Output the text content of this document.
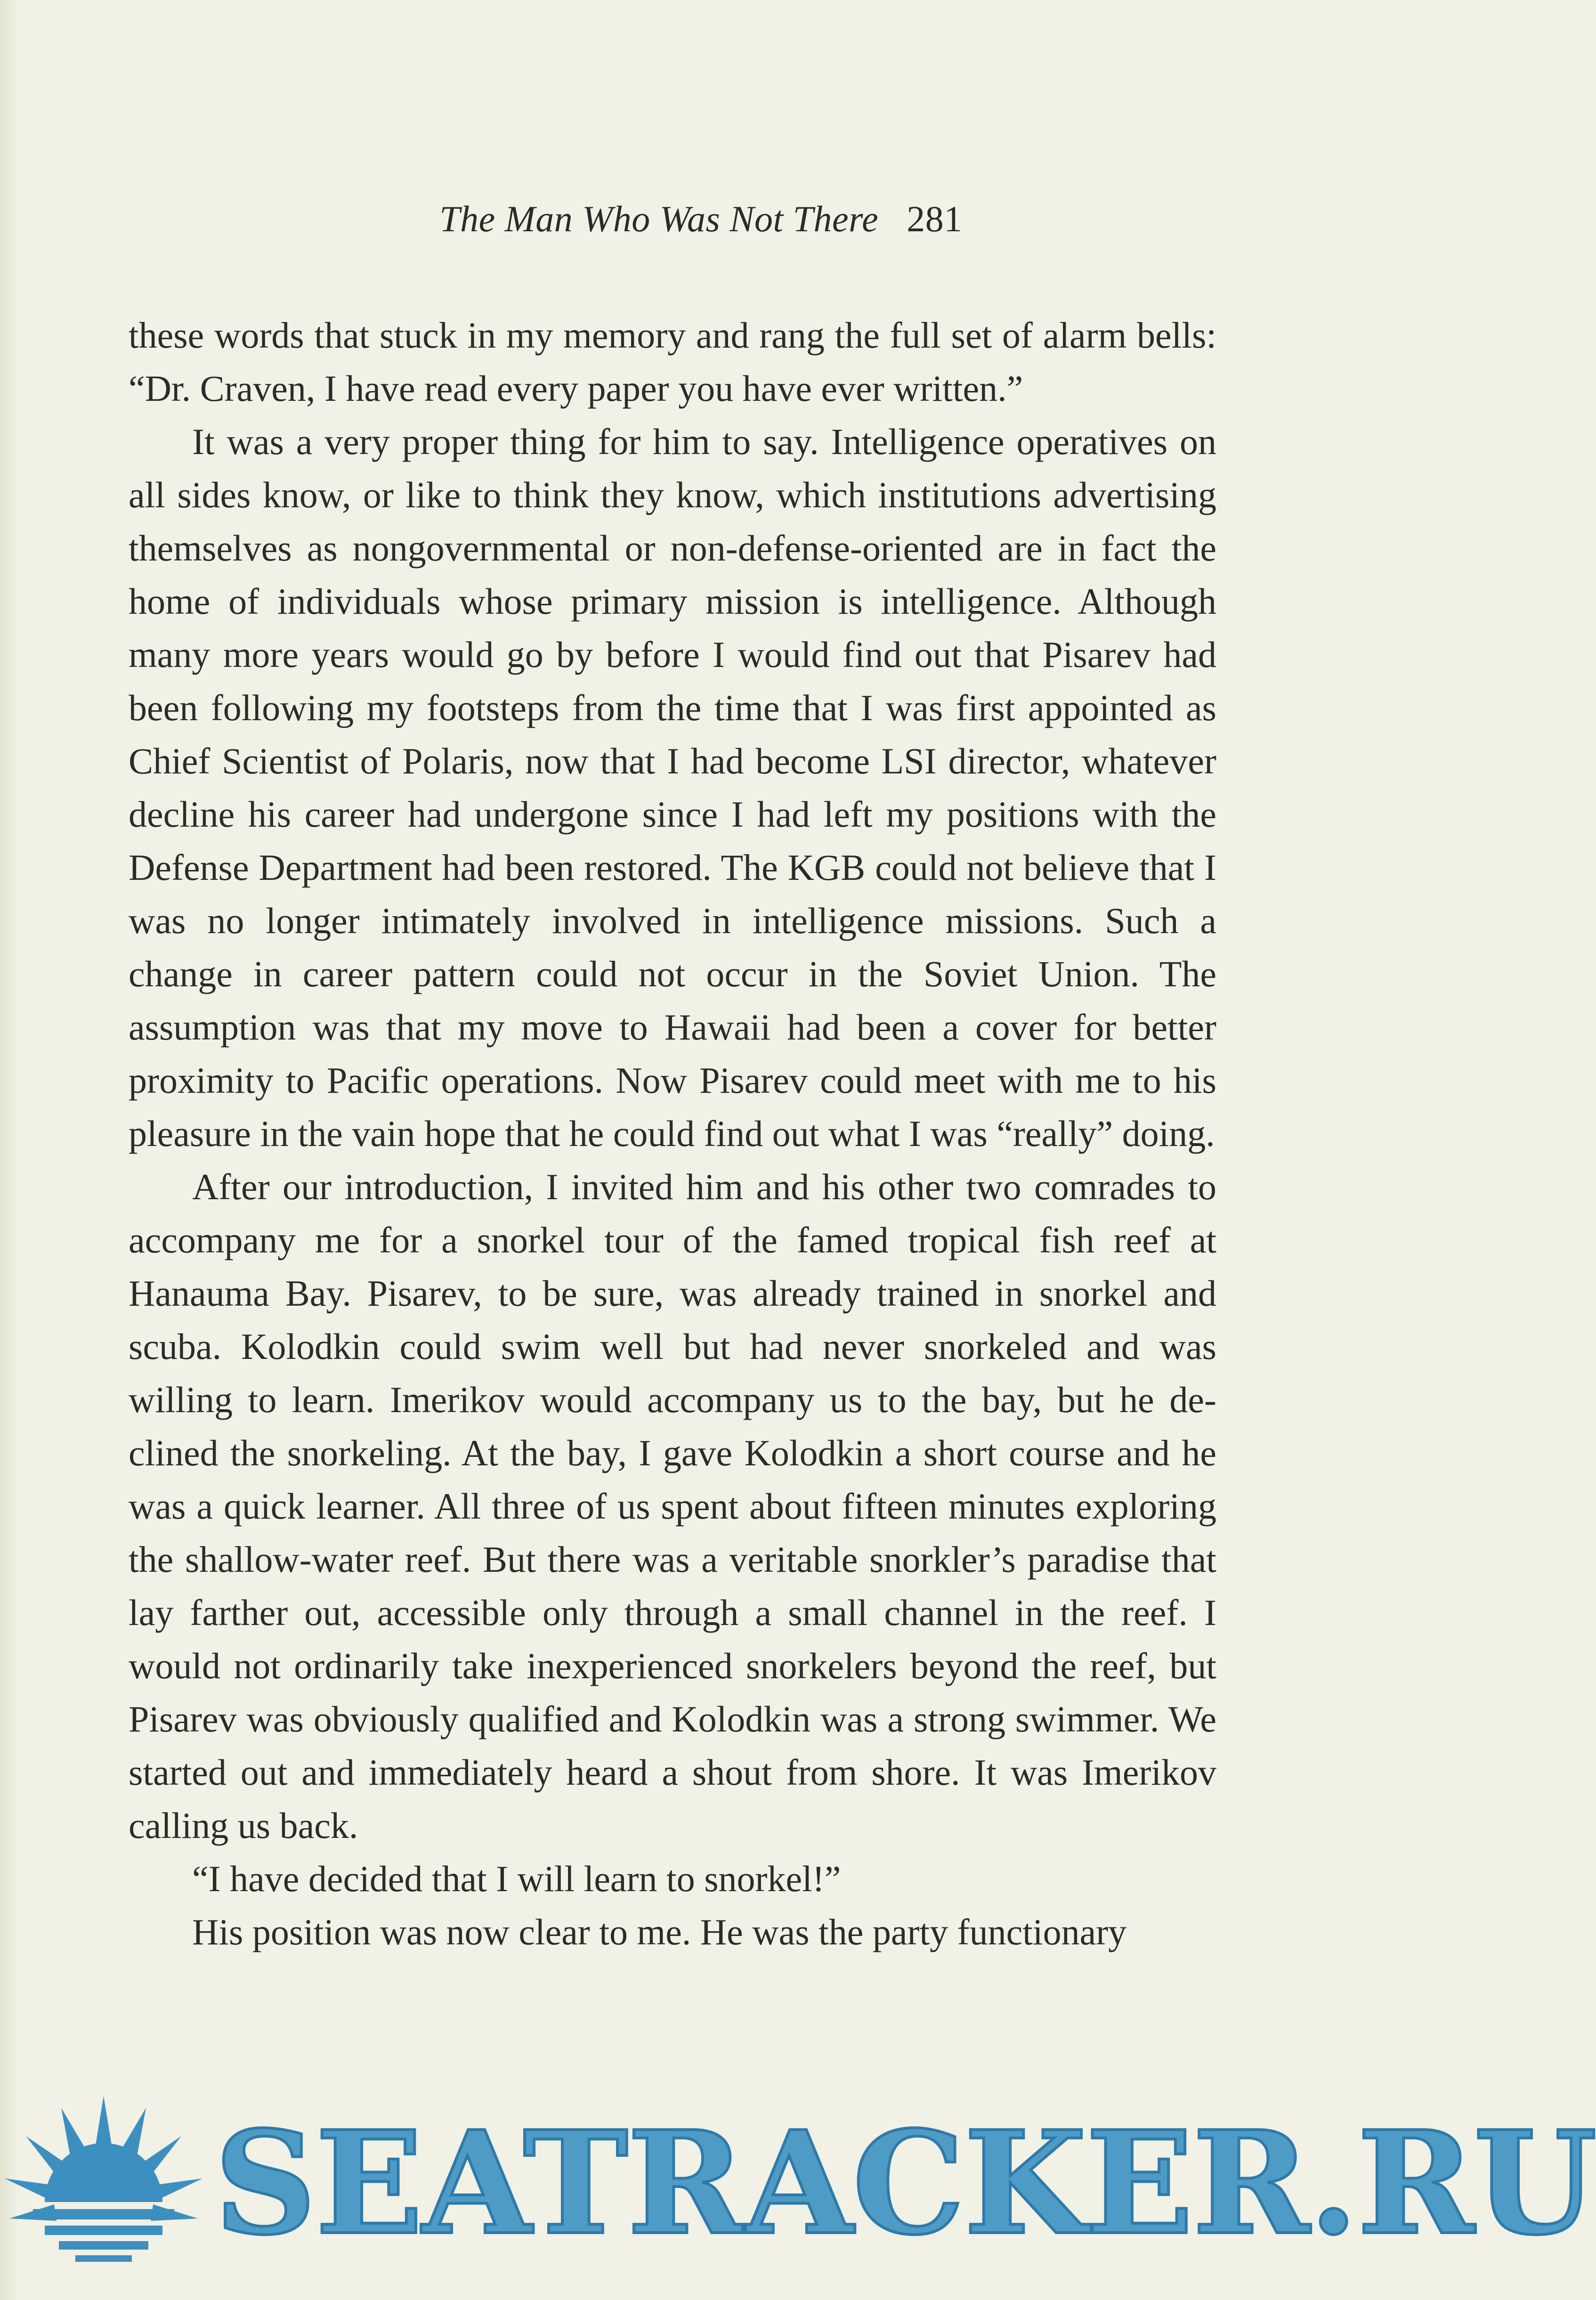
The Man Who Was Not There 281

these words that stuck in my memory and rang the full set of alarm bells: “Dr. Craven, I have read every paper you have ever written.”

It was a very proper thing for him to say. Intelligence operatives on all sides know, or like to think they know, which institutions advertising themselves as nongovernmental or non-defense-oriented are in fact the home of individuals whose primary mission is intelligence. Although many more years would go by before I would find out that Pisarev had been following my footsteps from the time that I was first appointed as Chief Scientist of Polaris, now that I had become LSI director, whatever decline his career had undergone since I had left my positions with the Defense Department had been restored. The KGB could not believe that I was no longer intimately involved in intelligence missions. Such a change in career pattern could not occur in the Soviet Union. The assumption was that my move to Hawaii had been a cover for better proximity to Pacific operations. Now Pisarev could meet with me to his pleasure in the vain hope that he could find out what I was “really” doing.

After our introduction, I invited him and his other two comrades to accompany me for a snorkel tour of the famed tropical fish reef at Hanauma Bay. Pisarev, to be sure, was already trained in snorkel and scuba. Kolodkin could swim well but had never snorkeled and was willing to learn. Imerikov would accompany us to the bay, but he declined the snorkeling. At the bay, I gave Kolodkin a short course and he was a quick learner. All three of us spent about fifteen minutes exploring the shallow-water reef. But there was a veritable snorkler’s paradise that lay farther out, accessible only through a small channel in the reef. I would not ordinarily take inexperienced snorkelers beyond the reef, but Pisarev was obviously qualified and Kolodkin was a strong swimmer. We started out and immediately heard a shout from shore. It was Imerikov calling us back.

“I have decided that I will learn to snorkel!”

His position was now clear to me. He was the party functionary

SEATRACKER.RU
